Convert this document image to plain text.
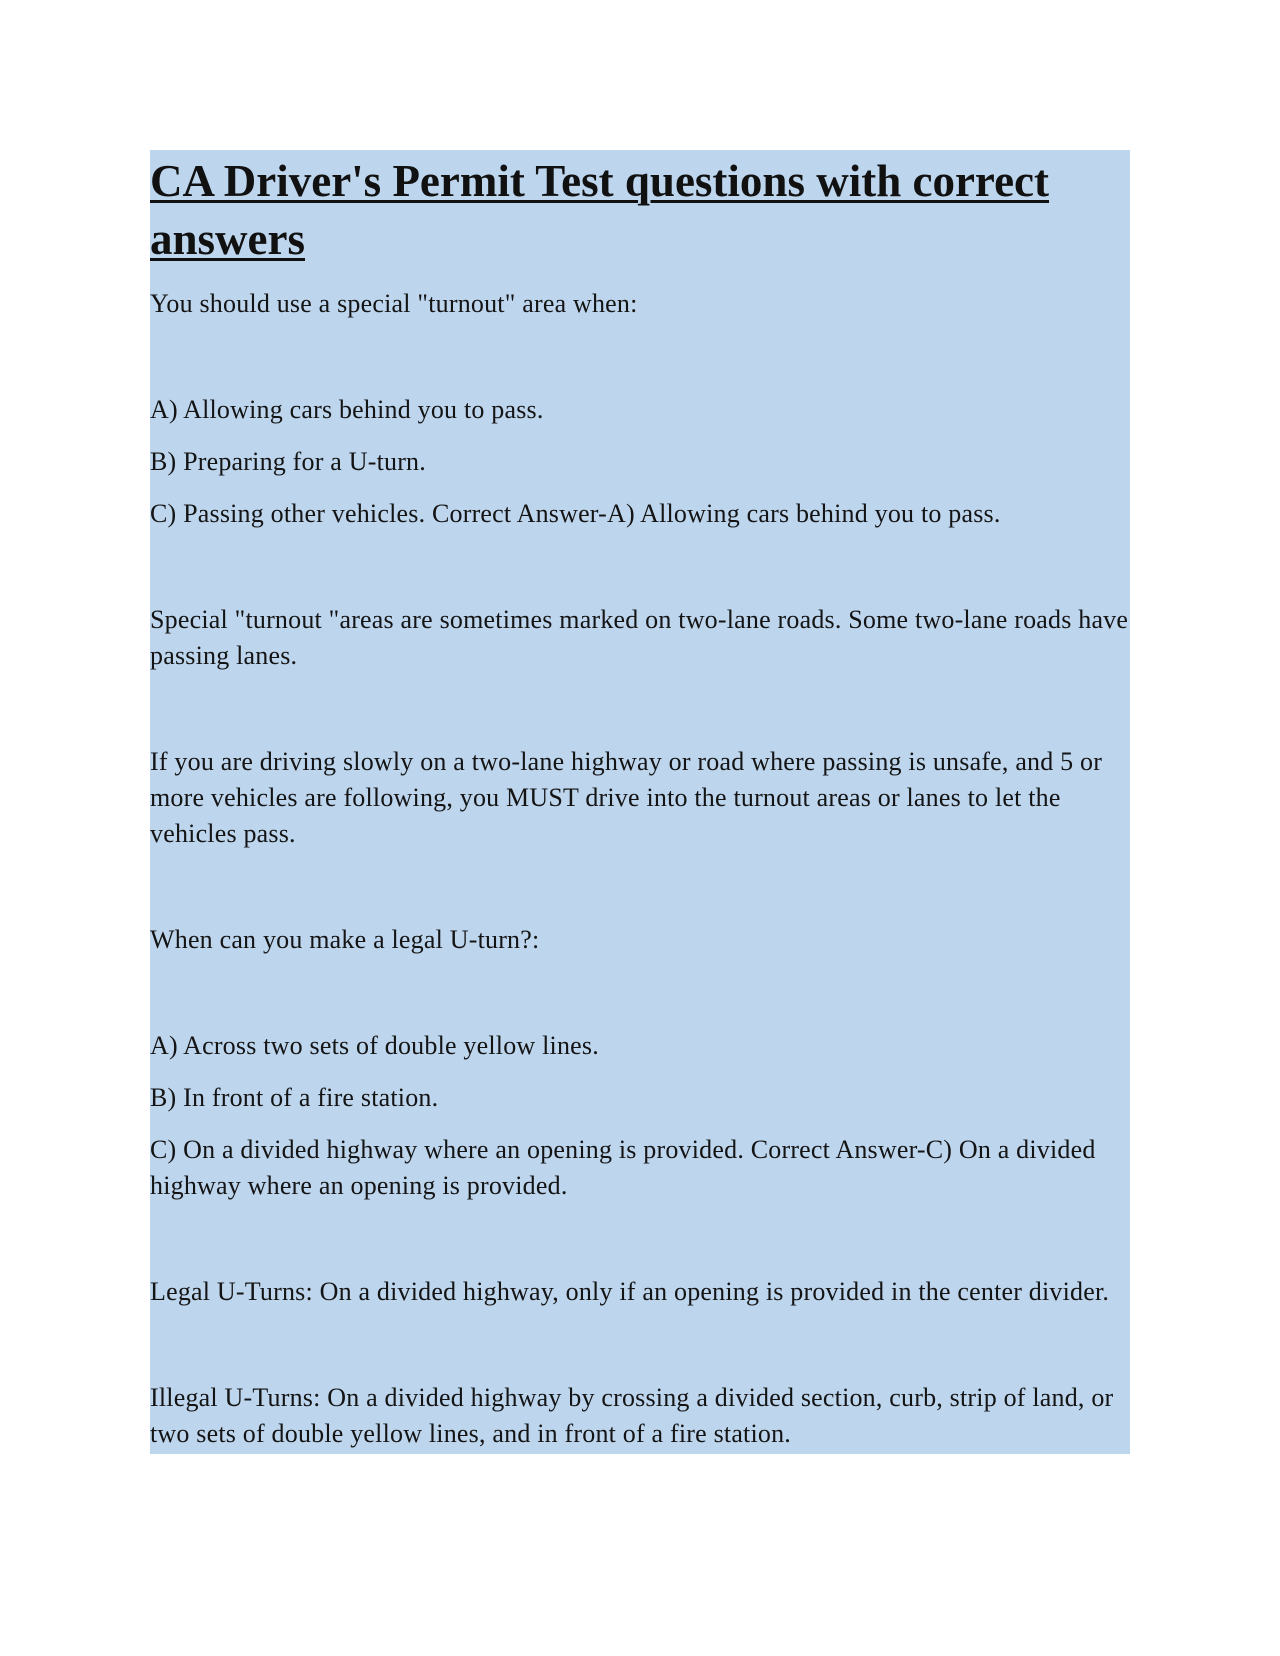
CA Driver's Permit Test questions with correct answers

You should use a special "turnout" area when:

A) Allowing cars behind you to pass.

B) Preparing for a U-turn.

C) Passing other vehicles. Correct Answer-A) Allowing cars behind you to pass.

Special "turnout "areas are sometimes marked on two-lane roads. Some two-lane roads have passing lanes.

If you are driving slowly on a two-lane highway or road where passing is unsafe, and 5 or more vehicles are following, you MUST drive into the turnout areas or lanes to let the vehicles pass.

When can you make a legal U-turn?:

A) Across two sets of double yellow lines.

B) In front of a fire station.

C) On a divided highway where an opening is provided. Correct Answer-C) On a divided highway where an opening is provided.

Legal U-Turns: On a divided highway, only if an opening is provided in the center divider.

Illegal U-Turns: On a divided highway by crossing a divided section, curb, strip of land, or two sets of double yellow lines, and in front of a fire station.
